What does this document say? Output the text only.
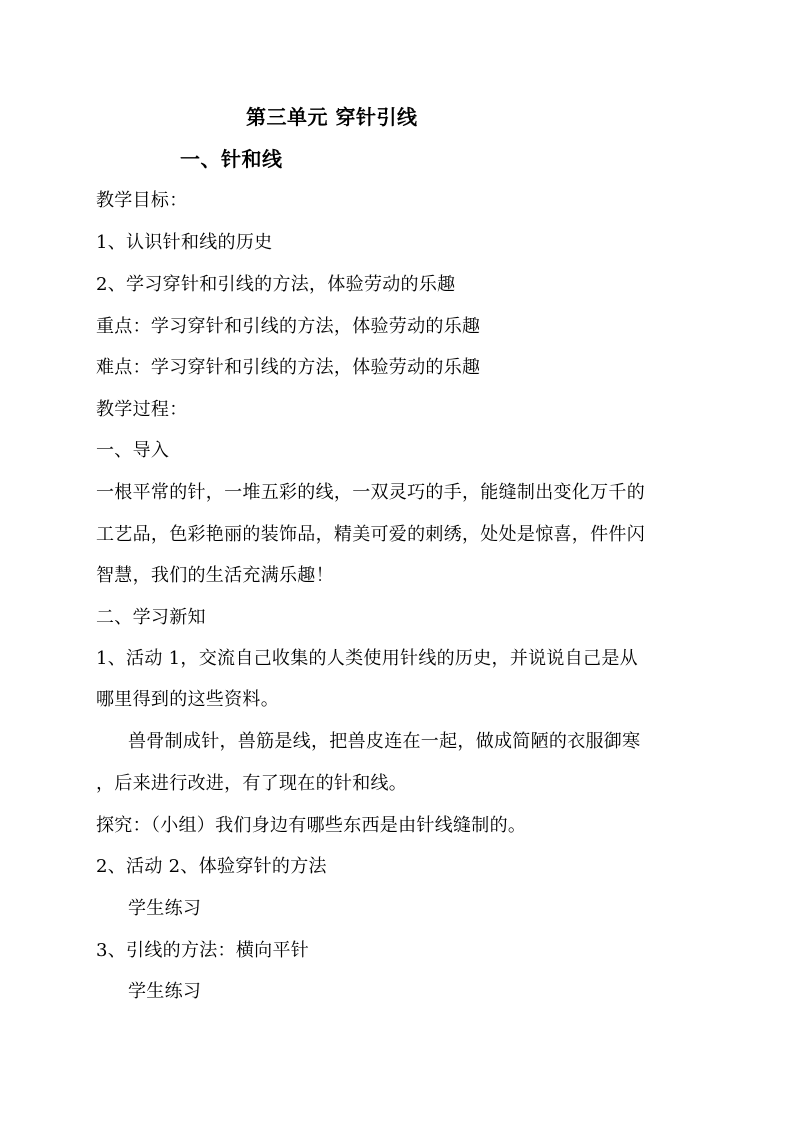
第三单元 穿针引线
一、针和线
教学目标：
1、认识针和线的历史
2、学习穿针和引线的方法，体验劳动的乐趣
重点：学习穿针和引线的方法，体验劳动的乐趣
难点：学习穿针和引线的方法，体验劳动的乐趣
教学过程：
一、导入
一根平常的针，一堆五彩的线，一双灵巧的手，能缝制出变化万千的
工艺品，色彩艳丽的装饰品，精美可爱的刺绣，处处是惊喜，件件闪
智慧，我们的生活充满乐趣！
二、学习新知
1、活动 1，交流自己收集的人类使用针线的历史，并说说自己是从
哪里得到的这些资料。
兽骨制成针，兽筋是线，把兽皮连在一起，做成简陋的衣服御寒
，后来进行改进，有了现在的针和线。
探究：（小组）我们身边有哪些东西是由针线缝制的。
2、活动 2、体验穿针的方法
学生练习
3、引线的方法：横向平针
学生练习
